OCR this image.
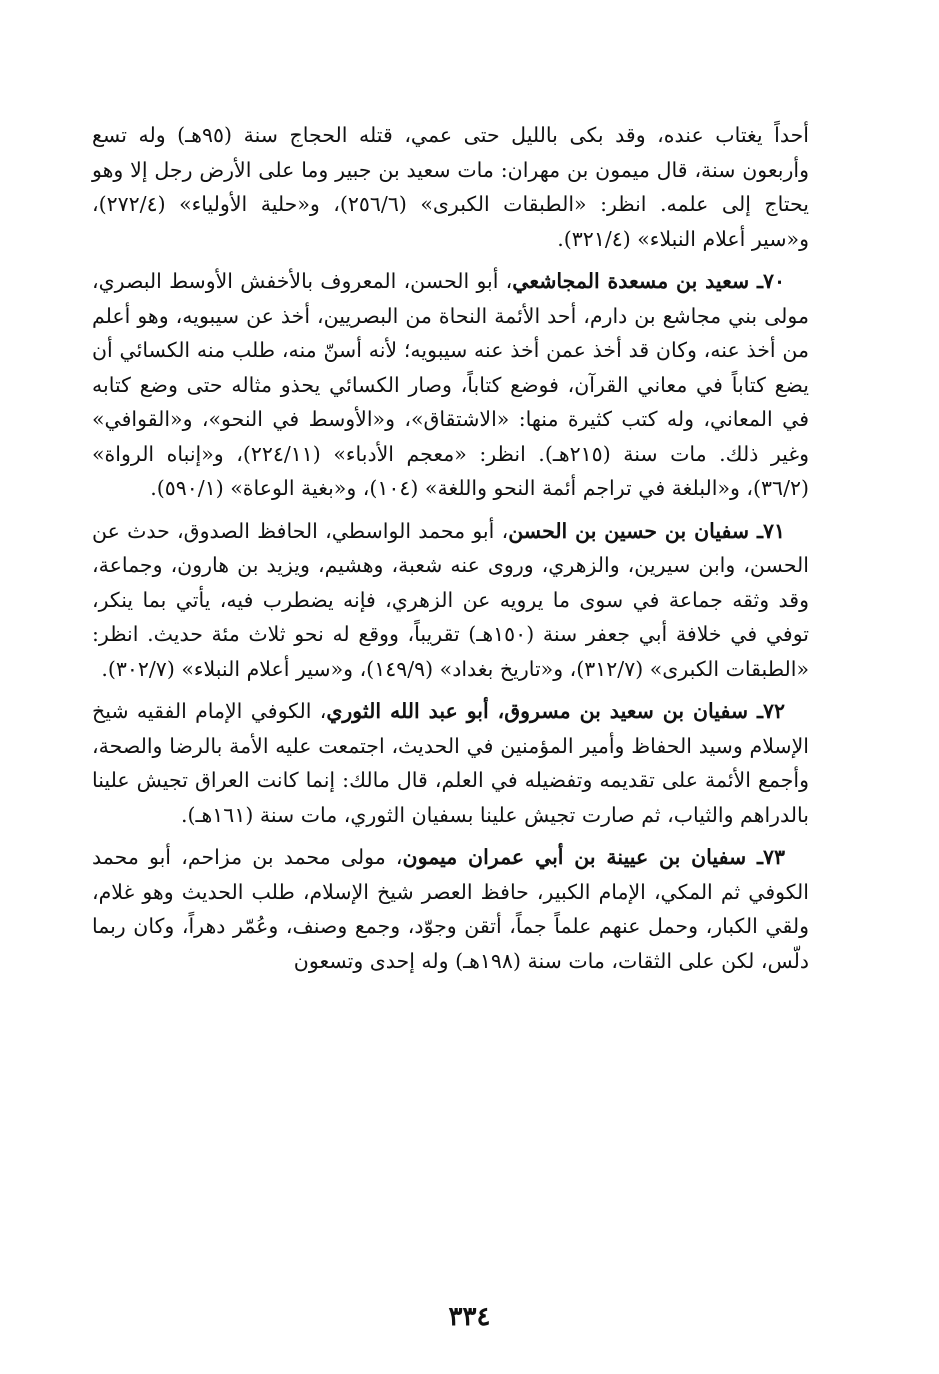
أحداً يغتاب عنده، وقد بكى بالليل حتى عمي، قتله الحجاج سنة (٩٥هـ) وله تسع وأربعون سنة، قال ميمون بن مهران: مات سعيد بن جبير وما على الأرض رجل إلا وهو يحتاج إلى علمه. انظر: «الطبقات الكبرى» (٢٥٦/٦)، و«حلية الأولياء» (٢٧٢/٤)، و«سير أعلام النبلاء» (٣٢١/٤).

٧٠ـ سعيد بن مسعدة المجاشعي، أبو الحسن، المعروف بالأخفش الأوسط البصري، مولى بني مجاشع بن دارم، أحد الأئمة النحاة من البصريين، أخذ عن سيبويه، وهو أعلم من أخذ عنه، وكان قد أخذ عمن أخذ عنه سيبويه؛ لأنه أسنّ منه، طلب منه الكسائي أن يضع كتاباً في معاني القرآن، فوضع كتاباً، وصار الكسائي يحذو مثاله حتى وضع كتابه في المعاني، وله كتب كثيرة منها: «الاشتقاق»، و«الأوسط في النحو»، و«القوافي» وغير ذلك. مات سنة (٢١٥هـ). انظر: «معجم الأدباء» (٢٢٤/١١)، و«إنباه الرواة» (٣٦/٢)، و«البلغة في تراجم أئمة النحو واللغة» (١٠٤)، و«بغية الوعاة» (٥٩٠/١).

٧١ـ سفيان بن حسين بن الحسن، أبو محمد الواسطي، الحافظ الصدوق، حدث عن الحسن، وابن سيرين، والزهري، وروى عنه شعبة، وهشيم، ويزيد بن هارون، وجماعة، وقد وثقه جماعة في سوى ما يرويه عن الزهري، فإنه يضطرب فيه، يأتي بما ينكر، توفي في خلافة أبي جعفر سنة (١٥٠هـ) تقريباً، ووقع له نحو ثلاث مئة حديث. انظر: «الطبقات الكبرى» (٣١٢/٧)، و«تاريخ بغداد» (١٤٩/٩)، و«سير أعلام النبلاء» (٣٠٢/٧).

٧٢ـ سفيان بن سعيد بن مسروق، أبو عبد الله الثوري، الكوفي الإمام الفقيه شيخ الإسلام وسيد الحفاظ وأمير المؤمنين في الحديث، اجتمعت عليه الأمة بالرضا والصحة، وأجمع الأئمة على تقديمه وتفضيله في العلم، قال مالك: إنما كانت العراق تجيش علينا بالدراهم والثياب، ثم صارت تجيش علينا بسفيان الثوري، مات سنة (١٦١هـ).

٧٣ـ سفيان بن عيينة بن أبي عمران ميمون، مولى محمد بن مزاحم، أبو محمد الكوفي ثم المكي، الإمام الكبير، حافظ العصر شيخ الإسلام، طلب الحديث وهو غلام، ولقي الكبار، وحمل عنهم علماً جماً، أتقن وجوّد، وجمع وصنف، وعُمّر دهراً، وكان ربما دلّس، لكن على الثقات، مات سنة (١٩٨هـ) وله إحدى وتسعون

٣٣٤
